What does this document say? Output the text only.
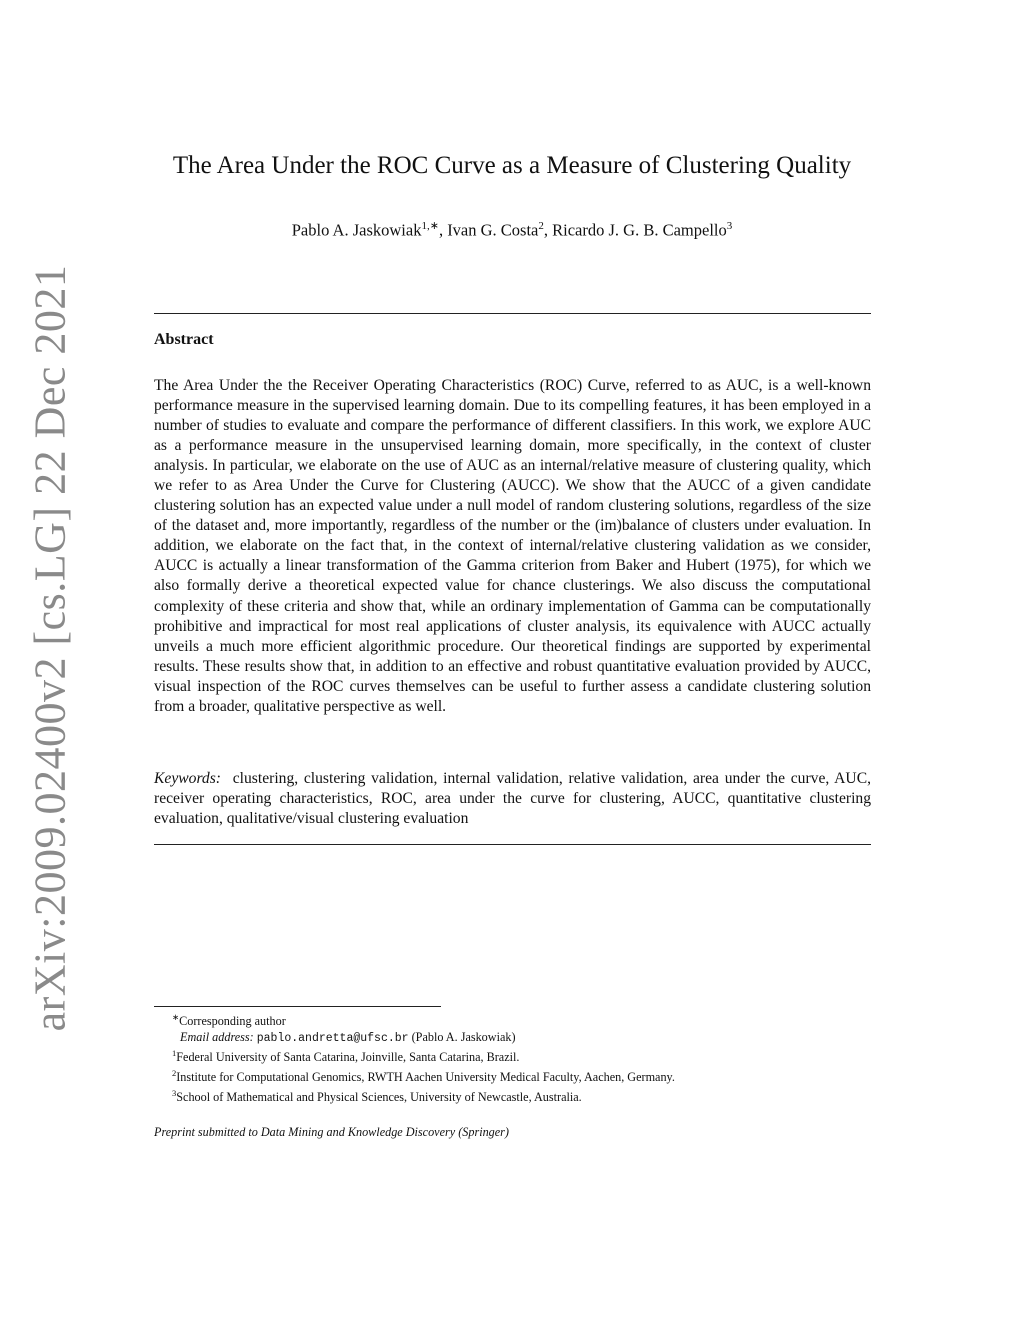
arXiv:2009.02400v2 [cs.LG] 22 Dec 2021
The Area Under the ROC Curve as a Measure of Clustering Quality
Pablo A. Jaskowiak$^{1,∗}$, Ivan G. Costa$^2$, Ricardo J. G. B. Campello$^3$
Abstract
The Area Under the the Receiver Operating Characteristics (ROC) Curve, referred to as AUC, is a well-known performance measure in the supervised learning domain. Due to its compelling features, it has been employed in a number of studies to evaluate and compare the performance of different classifiers. In this work, we explore AUC as a performance measure in the unsupervised learning domain, more specifically, in the context of cluster analysis. In particular, we elaborate on the use of AUC as an internal/relative measure of clustering quality, which we refer to as Area Under the Curve for Clustering (AUCC). We show that the AUCC of a given candidate clustering solution has an expected value under a null model of random clustering solutions, regardless of the size of the dataset and, more importantly, regardless of the number or the (im)balance of clusters under evaluation. In addition, we elaborate on the fact that, in the context of internal/relative clustering validation as we consider, AUCC is actually a linear transformation of the Gamma criterion from Baker and Hubert (1975), for which we also formally derive a theoretical expected value for chance clusterings. We also discuss the computational complexity of these criteria and show that, while an ordinary implementation of Gamma can be computationally prohibitive and impractical for most real applications of cluster analysis, its equivalence with AUCC actually unveils a much more efficient algorithmic procedure. Our theoretical findings are supported by experimental results. These results show that, in addition to an effective and robust quantitative evaluation provided by AUCC, visual inspection of the ROC curves themselves can be useful to further assess a candidate clustering solution from a broader, qualitative perspective as well.
Keywords: clustering, clustering validation, internal validation, relative validation, area under the curve, AUC, receiver operating characteristics, ROC, area under the curve for clustering, AUCC, quantitative clustering evaluation, qualitative/visual clustering evaluation
∗Corresponding author
Email address: pablo.andretta@ufsc.br (Pablo A. Jaskowiak)
$^1$Federal University of Santa Catarina, Joinville, Santa Catarina, Brazil.
$^2$Institute for Computational Genomics, RWTH Aachen University Medical Faculty, Aachen, Germany.
$^3$School of Mathematical and Physical Sciences, University of Newcastle, Australia.
Preprint submitted to Data Mining and Knowledge Discovery (Springer)
